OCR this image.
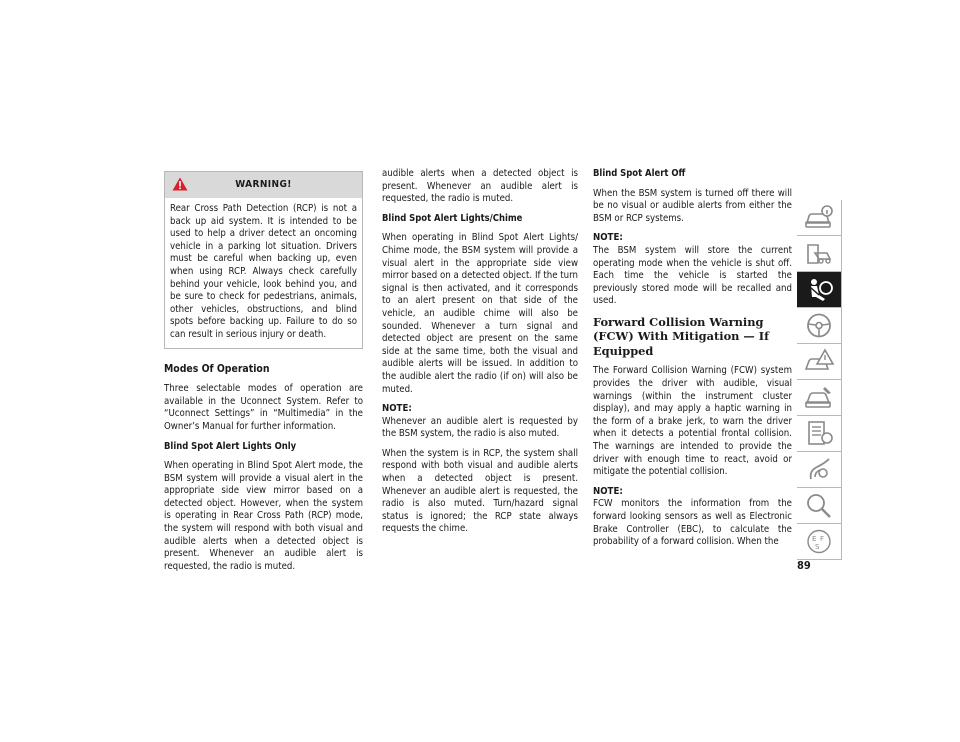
WARNING!

Rear Cross Path Detection (RCP) is not a back up aid system. It is intended to be used to help a driver detect an oncoming vehicle in a parking lot situation. Drivers must be careful when backing up, even when using RCP. Always check carefully behind your vehicle, look behind you, and be sure to check for pedestrians, animals, other vehicles, obstructions, and blind spots before backing up. Failure to do so can result in serious injury or death.

Modes Of Operation

Three selectable modes of operation are available in the Uconnect System. Refer to “Uconnect Settings” in “Multimedia” in the Owner’s Manual for further information.

Blind Spot Alert Lights Only

When operating in Blind Spot Alert mode, the BSM system will provide a visual alert in the appropriate side view mirror based on a detected object. However, when the system is operating in Rear Cross Path (RCP) mode, the system will respond with both visual and audible alerts when a detected object is present. Whenever an audible alert is requested, the radio is muted.

audible alerts when a detected object is present. Whenever an audible alert is requested, the radio is muted.

Blind Spot Alert Lights/Chime

When operating in Blind Spot Alert Lights/ Chime mode, the BSM system will provide a visual alert in the appropriate side view mirror based on a detected object. If the turn signal is then activated, and it corresponds to an alert present on that side of the vehicle, an audible chime will also be sounded. Whenever a turn signal and detected object are present on the same side at the same time, both the visual and audible alerts will be issued. In addition to the audible alert the radio (if on) will also be muted.

NOTE:

Whenever an audible alert is requested by the BSM system, the radio is also muted.

When the system is in RCP, the system shall respond with both visual and audible alerts when a detected object is present. Whenever an audible alert is requested, the radio is also muted. Turn/hazard signal status is ignored; the RCP state always requests the chime.

Blind Spot Alert Off

When the BSM system is turned off there will be no visual or audible alerts from either the BSM or RCP systems.

NOTE:

The BSM system will store the current operating mode when the vehicle is shut off. Each time the vehicle is started the previously stored mode will be recalled and used.

Forward Collision Warning (FCW) With Mitigation — If Equipped

The Forward Collision Warning (FCW) system provides the driver with audible, visual warnings (within the instrument cluster display), and may apply a haptic warning in the form of a brake jerk, to warn the driver when it detects a potential frontal collision. The warnings are intended to provide the driver with enough time to react, avoid or mitigate the potential collision.

NOTE:

FCW monitors the information from the forward looking sensors as well as Electronic Brake Controller (EBC), to calculate the probability of a forward collision. When the	E F
S
89
